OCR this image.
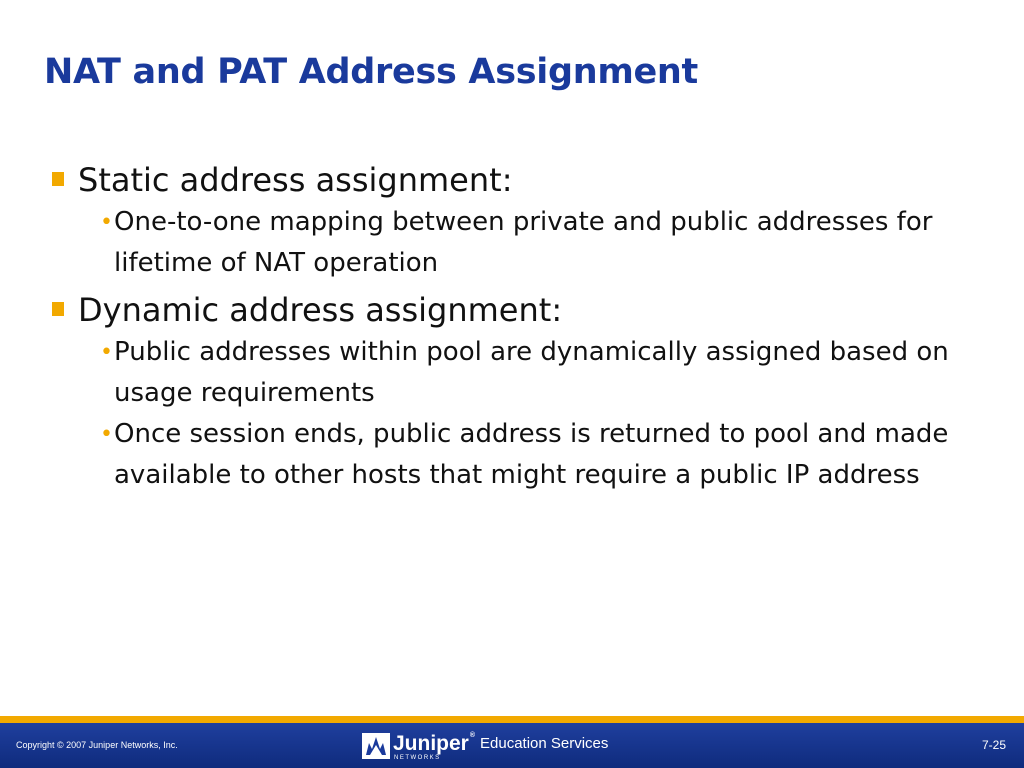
NAT and PAT Address Assignment
Static address assignment:
• One-to-one mapping between private and public addresses for lifetime of NAT operation
Dynamic address assignment:
• Public addresses within pool are dynamically assigned based on usage requirements
• Once session ends, public address is returned to pool and made available to other hosts that might require a public IP address
Copyright © 2007 Juniper Networks, Inc.	Juniper®
NETWORKS
Education Services	7-25
